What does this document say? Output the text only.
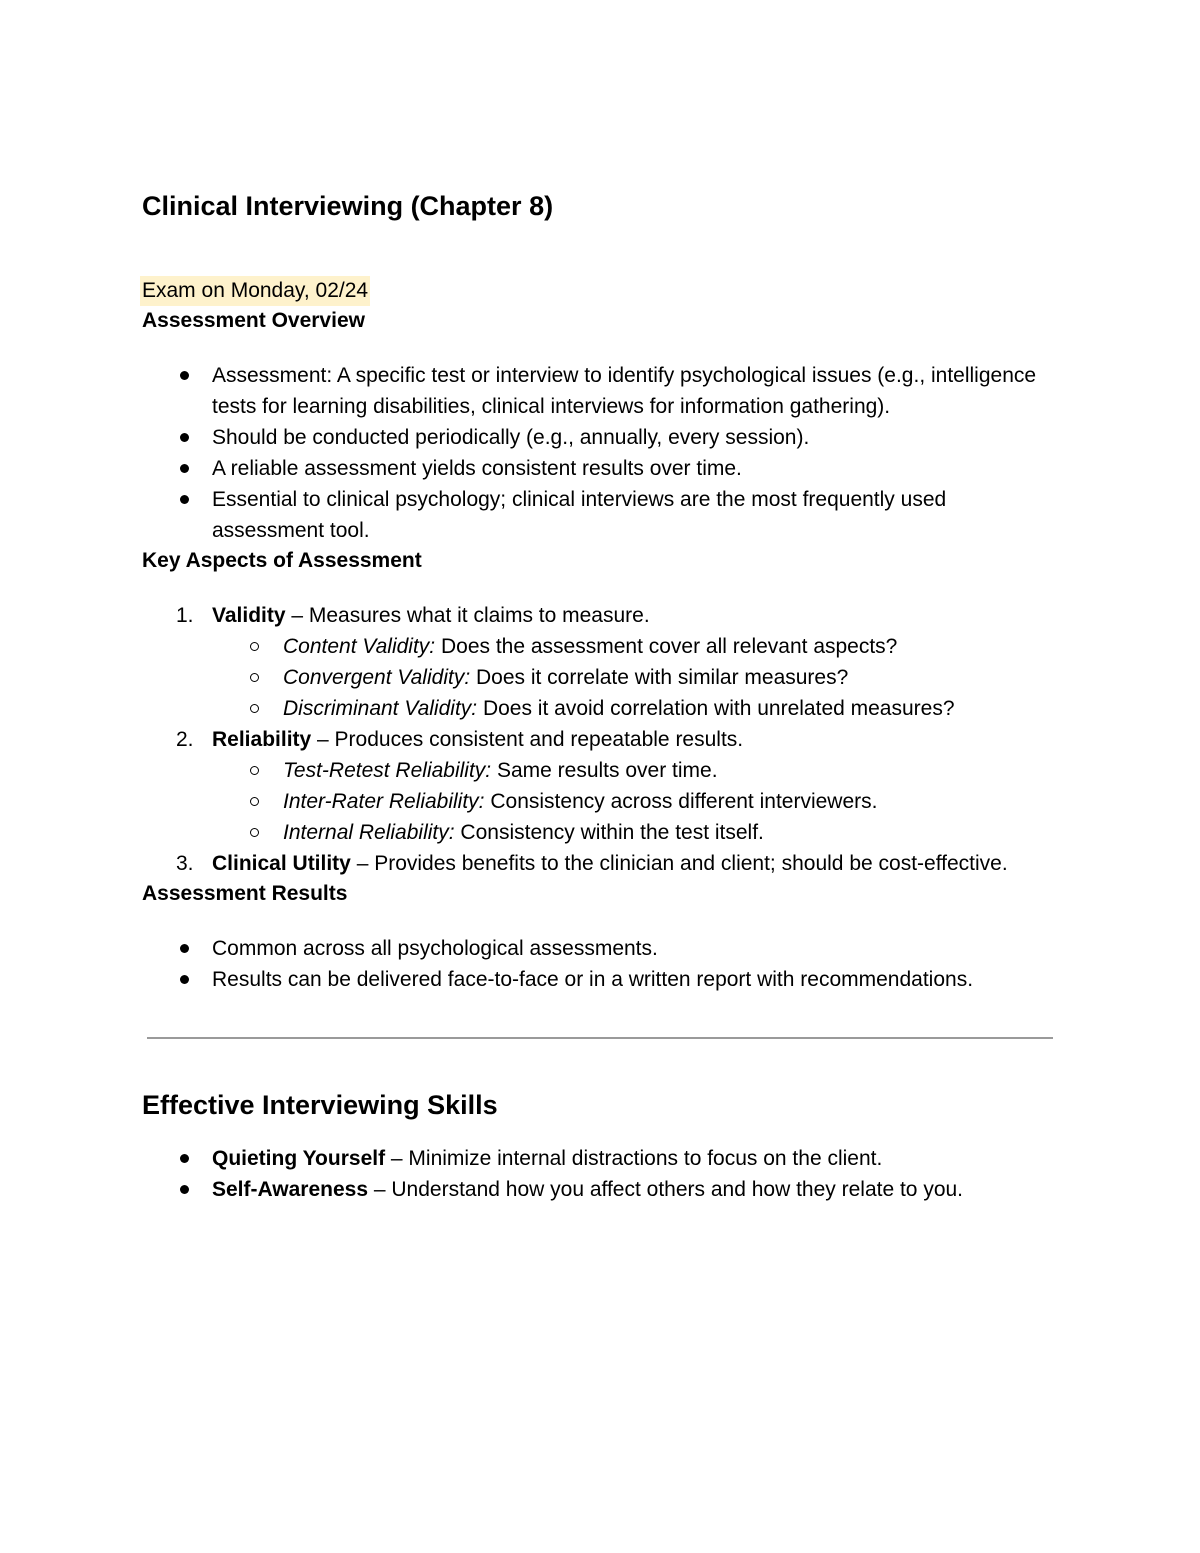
Clinical Interviewing (Chapter 8)
Exam on Monday, 02/24
Assessment Overview
Assessment: A specific test or interview to identify psychological issues (e.g., intelligence tests for learning disabilities, clinical interviews for information gathering).
Should be conducted periodically (e.g., annually, every session).
A reliable assessment yields consistent results over time.
Essential to clinical psychology; clinical interviews are the most frequently used assessment tool.
Key Aspects of Assessment
1. Validity – Measures what it claims to measure.
Content Validity: Does the assessment cover all relevant aspects?
Convergent Validity: Does it correlate with similar measures?
Discriminant Validity: Does it avoid correlation with unrelated measures?
2. Reliability – Produces consistent and repeatable results.
Test-Retest Reliability: Same results over time.
Inter-Rater Reliability: Consistency across different interviewers.
Internal Reliability: Consistency within the test itself.
3. Clinical Utility – Provides benefits to the clinician and client; should be cost-effective.
Assessment Results
Common across all psychological assessments.
Results can be delivered face-to-face or in a written report with recommendations.
Effective Interviewing Skills
Quieting Yourself – Minimize internal distractions to focus on the client.
Self-Awareness – Understand how you affect others and how they relate to you.
